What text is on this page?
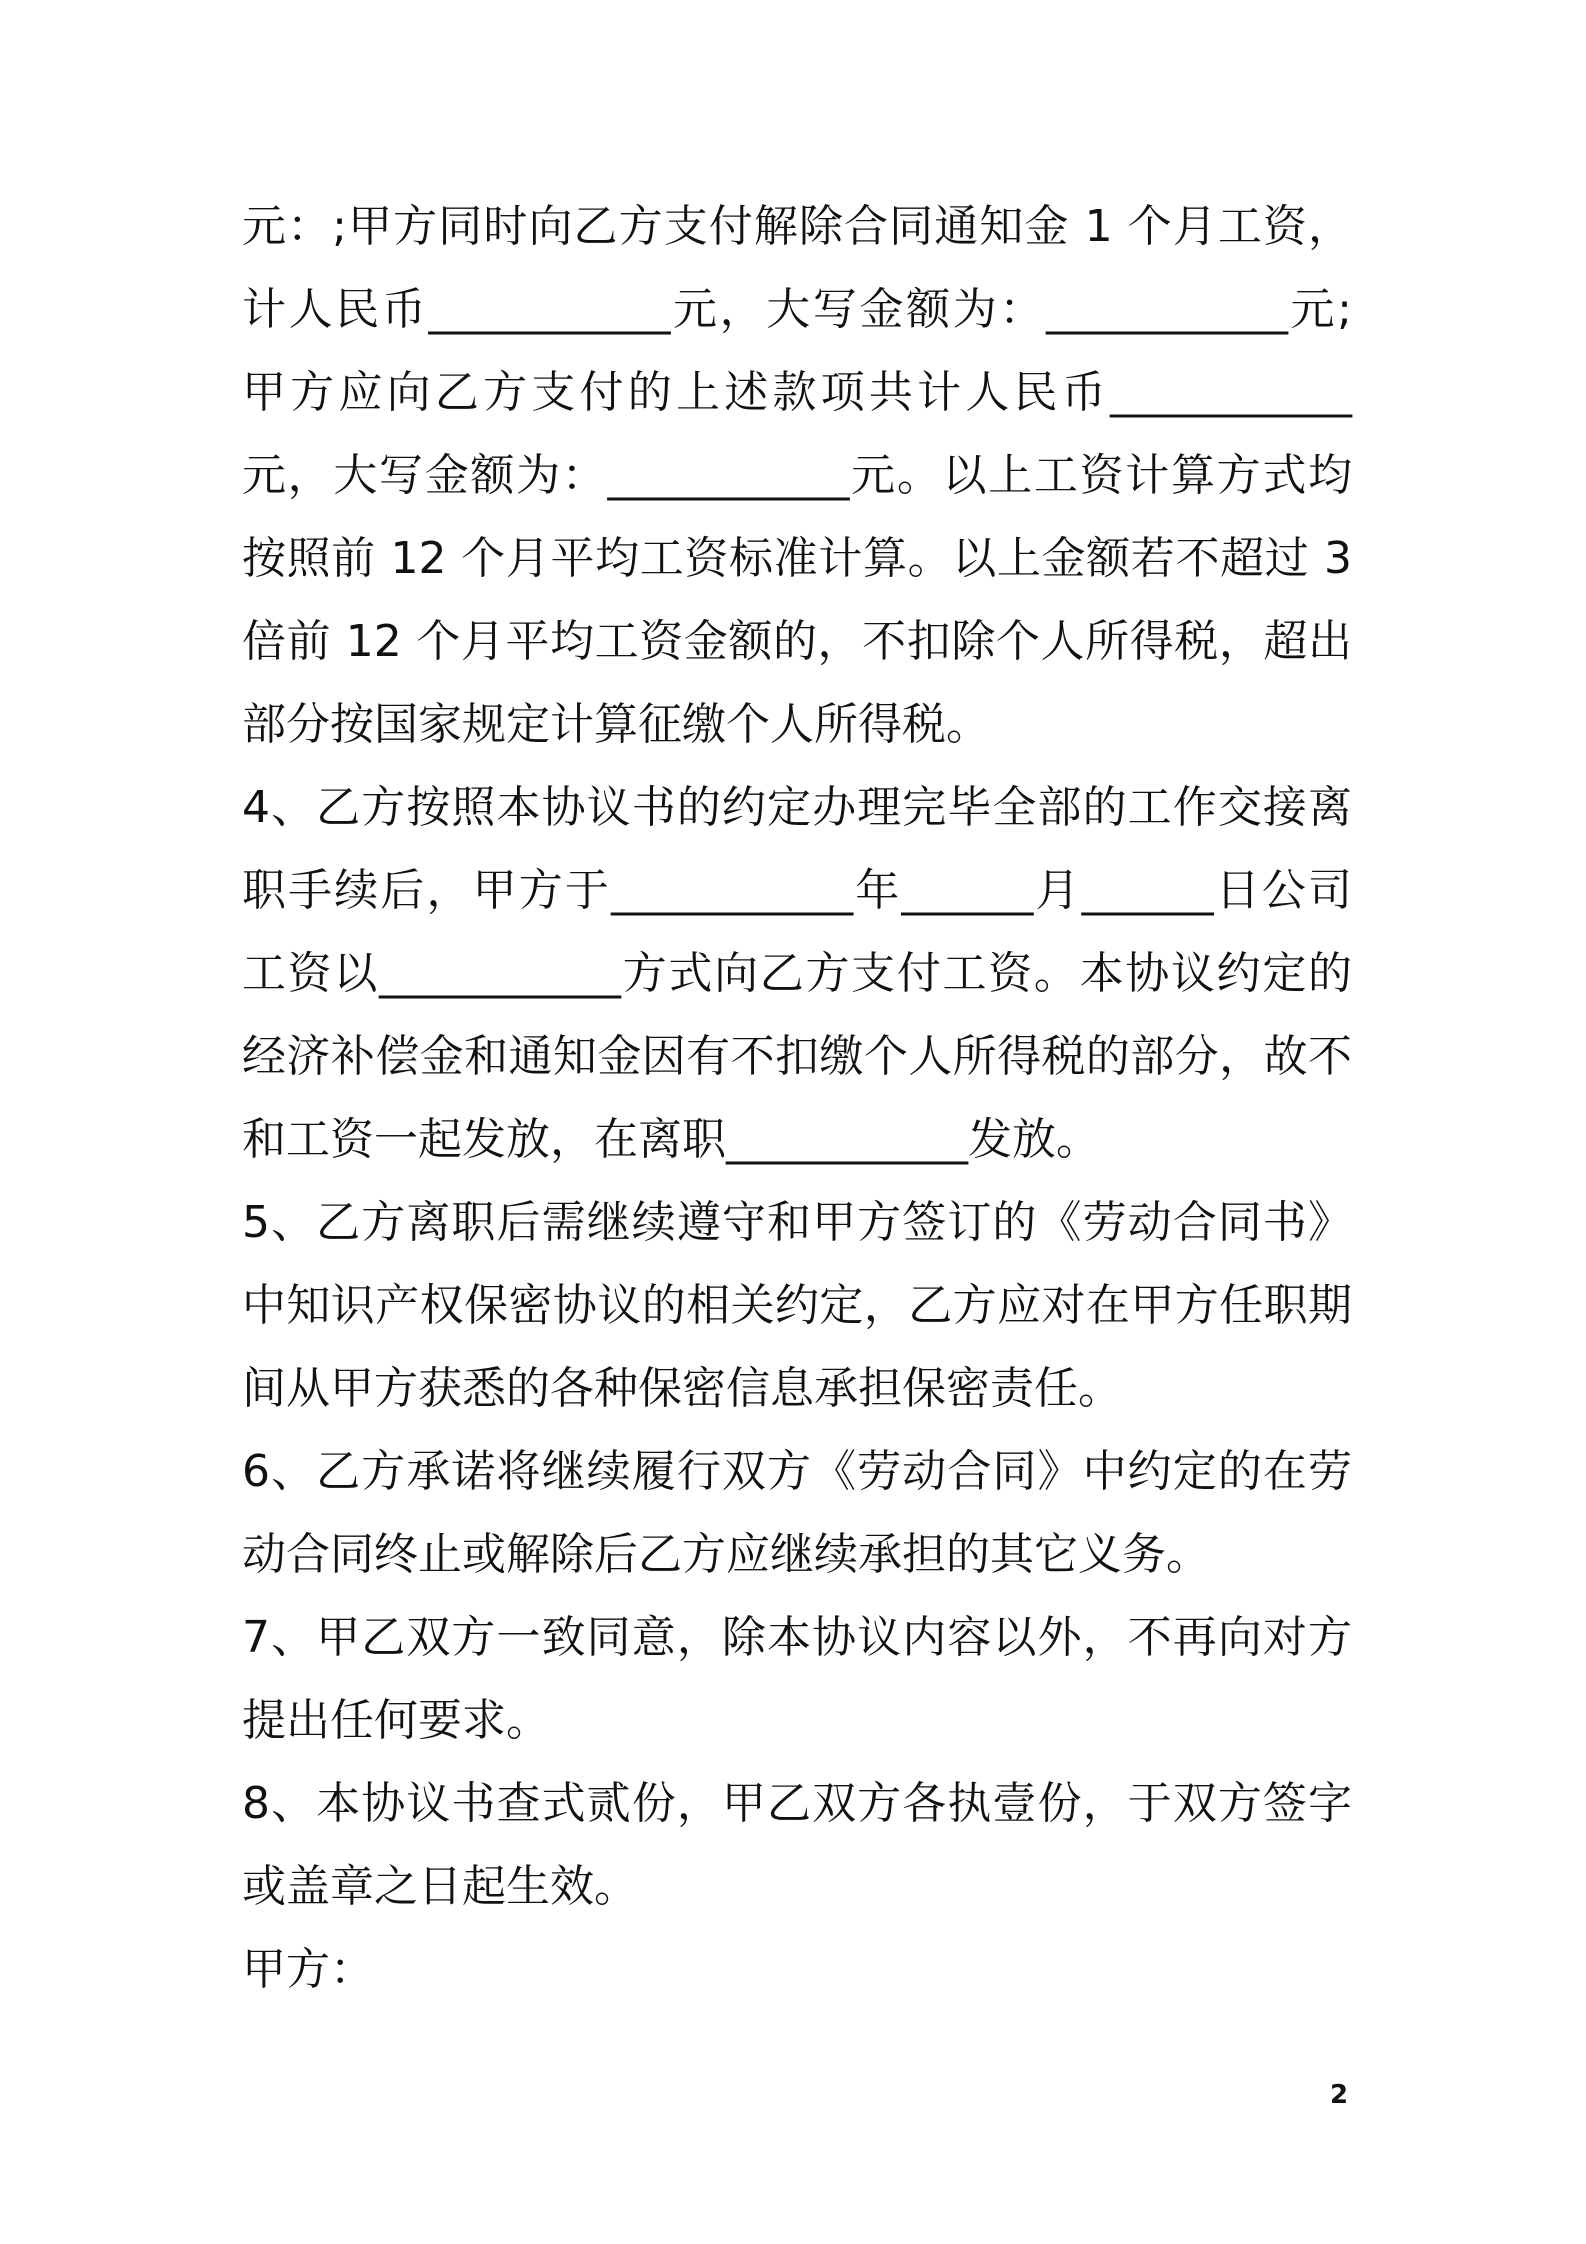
元：;甲方同时向乙方支付解除合同通知金 1 个月工资，计人民币___________元，大写金额为：___________元;甲方应向乙方支付的上述款项共计人民币___________元，大写金额为：___________元。以上工资计算方式均按照前 12 个月平均工资标准计算。以上金额若不超过 3 倍前 12 个月平均工资金额的，不扣除个人所得税，超出部分按国家规定计算征缴个人所得税。

4、乙方按照本协议书的约定办理完毕全部的工作交接离职手续后，甲方于___________年______月______日公司工资以___________方式向乙方支付工资。本协议约定的经济补偿金和通知金因有不扣缴个人所得税的部分，故不和工资一起发放，在离职___________发放。

5、乙方离职后需继续遵守和甲方签订的《劳动合同书》中知识产权保密协议的相关约定，乙方应对在甲方任职期间从甲方获悉的各种保密信息承担保密责任。

6、乙方承诺将继续履行双方《劳动合同》中约定的在劳动合同终止或解除后乙方应继续承担的其它义务。

7、甲乙双方一致同意，除本协议内容以外，不再向对方提出任何要求。

8、本协议书查式贰份，甲乙双方各执壹份，于双方签字或盖章之日起生效。

甲方：

2
